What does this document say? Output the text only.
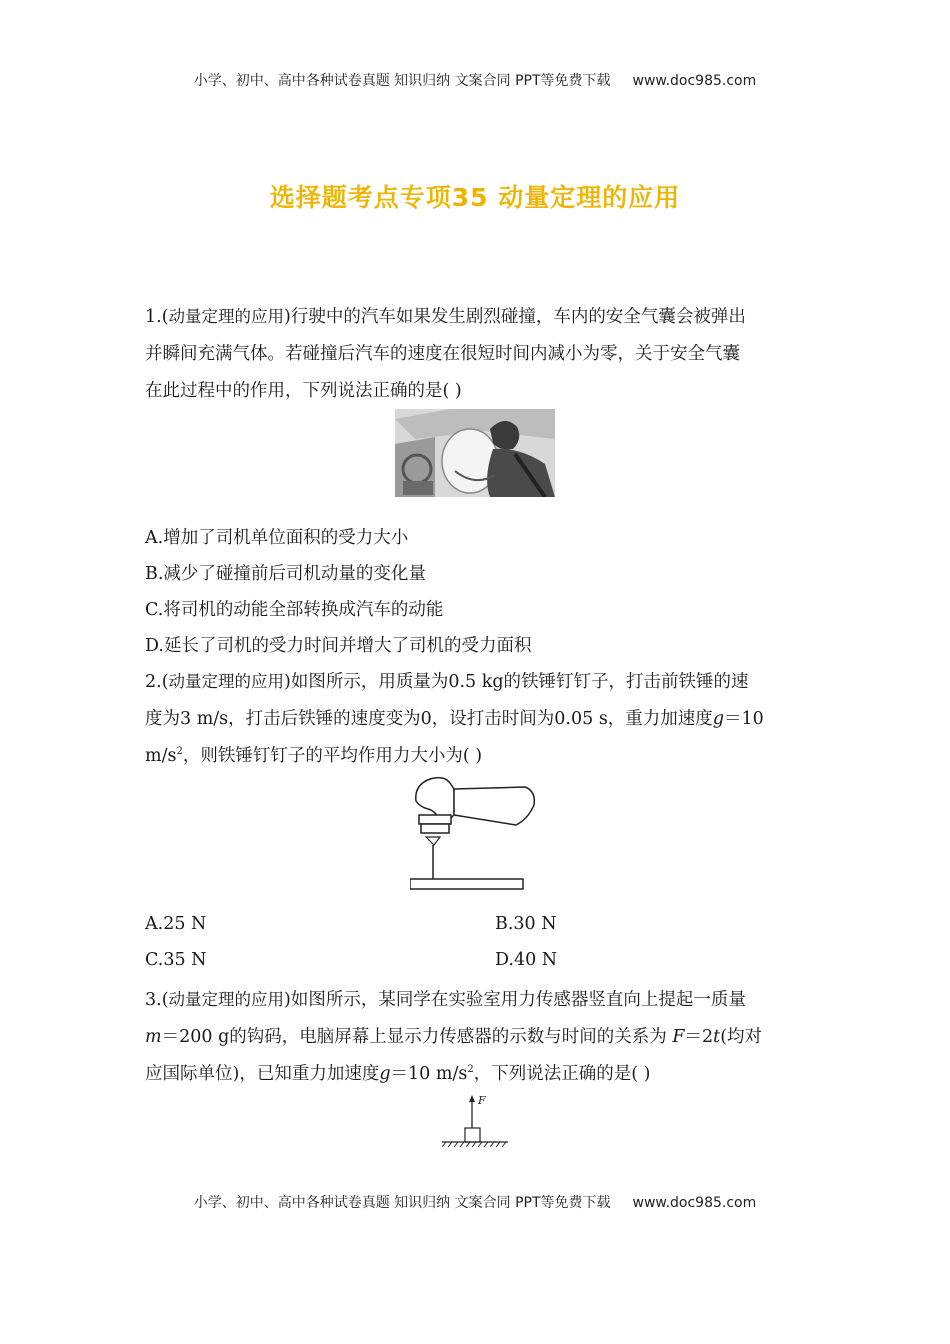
小学、初中、高中各种试卷真题 知识归纳 文案合同 PPT等免费下载 www.doc985.com
选择题考点专项35 动量定理的应用
1.(动量定理的应用)行驶中的汽车如果发生剧烈碰撞，车内的安全气囊会被弹出
并瞬间充满气体。若碰撞后汽车的速度在很短时间内减小为零，关于安全气囊
在此过程中的作用，下列说法正确的是( )
A.增加了司机单位面积的受力大小
B.减少了碰撞前后司机动量的变化量
C.将司机的动能全部转换成汽车的动能
D.延长了司机的受力时间并增大了司机的受力面积
2.(动量定理的应用)如图所示，用质量为0.5 kg的铁锤钉钉子，打击前铁锤的速
度为3 m/s，打击后铁锤的速度变为0，设打击时间为0.05 s，重力加速度g＝10
$m/s^2$，则铁锤钉钉子的平均作用力大小为( )
A.25 N	B.30 N
C.35 N	D.40 N
3.(动量定理的应用)如图所示，某同学在实验室用力传感器竖直向上提起一质量
m＝200 g的钩码，电脑屏幕上显示力传感器的示数与时间的关系为 F＝2t(均对
应国际单位)，已知重力加速度g＝10 $m/s^2$，下列说法正确的是( )
F
小学、初中、高中各种试卷真题 知识归纳 文案合同 PPT等免费下载 www.doc985.com
